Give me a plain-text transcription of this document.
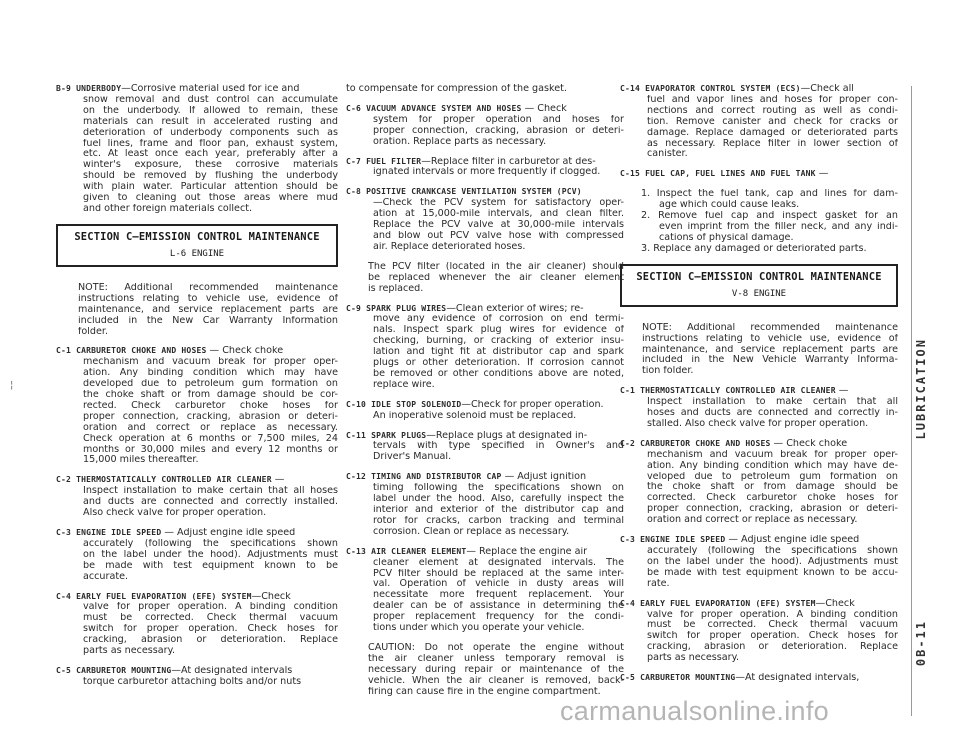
B-9 UNDERBODY—Corrosive material used for ice and
snow removal and dust control can accumulate
on the underbody. If allowed to remain, these
materials can result in accelerated rusting and
deterioration of underbody components such as
fuel lines, frame and floor pan, exhaust system,
etc. At least once each year, preferably after a
winter's exposure, these corrosive materials
should be removed by flushing the underbody
with plain water. Particular attention should be
given to cleaning out those areas where mud
and other foreign materials collect.
SECTION C—EMISSION CONTROL MAINTENANCE
L-6 ENGINE
NOTE: Additional recommended maintenance
instructions relating to vehicle use, evidence of
maintenance, and service replacement parts are
included in the New Car Warranty Information
folder.
C-1 CARBURETOR CHOKE AND HOSES — Check choke
mechanism and vacuum break for proper oper-
ation. Any binding condition which may have
developed due to petroleum gum formation on
the choke shaft or from damage should be cor-
rected. Check carburetor choke hoses for
proper connection, cracking, abrasion or deteri-
oration and correct or replace as necessary.
Check operation at 6 months or 7,500 miles, 24
months or 30,000 miles and every 12 months or
15,000 miles thereafter.
C-2 THERMOSTATICALLY CONTROLLED AIR CLEANER —
Inspect installation to make certain that all hoses
and ducts are connected and correctly installed.
Also check valve for proper operation.
C-3 ENGINE IDLE SPEED — Adjust engine idle speed
accurately (following the specifications shown
on the label under the hood). Adjustments must
be made with test equipment known to be
accurate.
C-4 EARLY FUEL EVAPORATION (EFE) SYSTEM—Check
valve for proper operation. A binding condition
must be corrected. Check thermal vacuum
switch for proper operation. Check hoses for
cracking, abrasion or deterioration. Replace
parts as necessary.
C-5 CARBURETOR MOUNTING—At designated intervals
torque carburetor attaching bolts and/or nuts
to compensate for compression of the gasket.
C-6 VACUUM ADVANCE SYSTEM AND HOSES — Check
system for proper operation and hoses for
proper connection, cracking, abrasion or deteri-
oration. Replace parts as necessary.
C-7 FUEL FILTER—Replace filter in carburetor at des-
ignated intervals or more frequently if clogged.
C-8 POSITIVE CRANKCASE VENTILATION SYSTEM (PCV)
—Check the PCV system for satisfactory oper-
ation at 15,000-mile intervals, and clean filter.
Replace the PCV valve at 30,000-mile intervals
and blow out PCV valve hose with compressed
air. Replace deteriorated hoses.
The PCV filter (located in the air cleaner) should
be replaced whenever the air cleaner element
is replaced.
C-9 SPARK PLUG WIRES—Clean exterior of wires; re-
move any evidence of corrosion on end termi-
nals. Inspect spark plug wires for evidence of
checking, burning, or cracking of exterior insu-
lation and tight fit at distributor cap and spark
plugs or other deterioration. If corrosion cannot
be removed or other conditions above are noted,
replace wire.
C-10 IDLE STOP SOLENOID—Check for proper operation.
An inoperative solenoid must be replaced.
C-11 SPARK PLUGS—Replace plugs at designated in-
tervals with type specified in Owner's and
Driver's Manual.
C-12 TIMING AND DISTRIBUTOR CAP — Adjust ignition
timing following the specifications shown on
label under the hood. Also, carefully inspect the
interior and exterior of the distributor cap and
rotor for cracks, carbon tracking and terminal
corrosion. Clean or replace as necessary.
C-13 AIR CLEANER ELEMENT— Replace the engine air
cleaner element at designated intervals. The
PCV filter should be replaced at the same inter-
val. Operation of vehicle in dusty areas will
necessitate more frequent replacement. Your
dealer can be of assistance in determining the
proper replacement frequency for the condi-
tions under which you operate your vehicle.
CAUTION: Do not operate the engine without
the air cleaner unless temporary removal is
necessary during repair or maintenance of the
vehicle. When the air cleaner is removed, back-
firing can cause fire in the engine compartment.
C-14 EVAPORATOR CONTROL SYSTEM (ECS)—Check all
fuel and vapor lines and hoses for proper con-
nections and correct routing as well as condi-
tion. Remove canister and check for cracks or
damage. Replace damaged or deteriorated parts
as necessary. Replace filter in lower section of
canister.
C-15 FUEL CAP, FUEL LINES AND FUEL TANK —
1. Inspect the fuel tank, cap and lines for dam-
age which could cause leaks.
2. Remove fuel cap and inspect gasket for an
even imprint from the filler neck, and any indi-
cations of physical damage.
3. Replace any damaged or deteriorated parts.
SECTION C—EMISSION CONTROL MAINTENANCE
V-8 ENGINE
NOTE: Additional recommended maintenance
instructions relating to vehicle use, evidence of
maintenance, and service replacement parts are
included in the New Vehicle Warranty Informa-
tion folder.
C-1 THERMOSTATICALLY CONTROLLED AIR CLEANER —
Inspect installation to make certain that all
hoses and ducts are connected and correctly in-
stalled. Also check valve for proper operation.
C-2 CARBURETOR CHOKE AND HOSES — Check choke
mechanism and vacuum break for proper oper-
ation. Any binding condition which may have de-
veloped due to petroleum gum formation on
the choke shaft or from damage should be
corrected. Check carburetor choke hoses for
proper connection, cracking, abrasion or deteri-
oration and correct or replace as necessary.
C-3 ENGINE IDLE SPEED — Adjust engine idle speed
accurately (following the specifications shown
on the label under the hood). Adjustments must
be made with test equipment known to be accu-
rate.
C-4 EARLY FUEL EVAPORATION (EFE) SYSTEM—Check
valve for proper operation. A binding condition
must be corrected. Check thermal vacuum
switch for proper operation. Check hoses for
cracking, abrasion or deterioration. Replace
parts as necessary.
C-5 CARBURETOR MOUNTING—At designated intervals,
LUBRICATION
0B-11
¦
carmanualsonline.info
